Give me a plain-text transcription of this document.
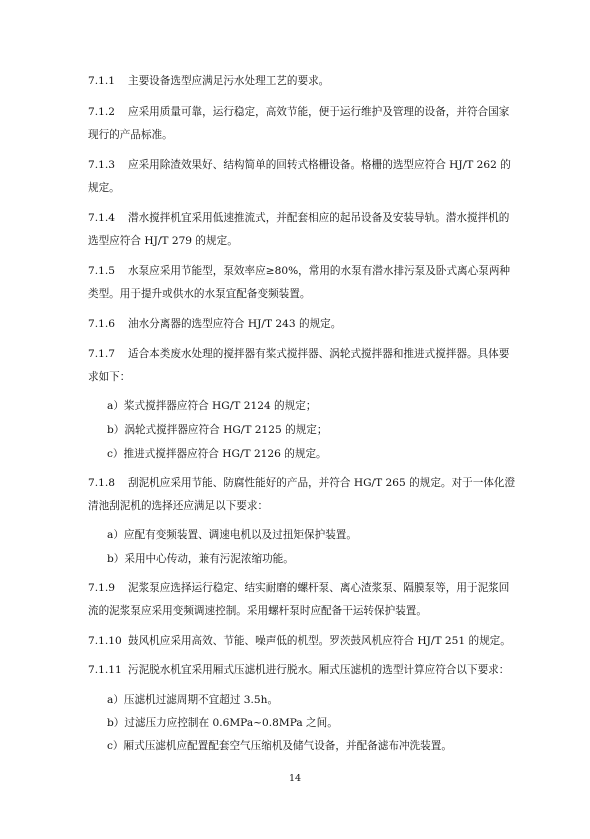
7.1.1 主要设备选型应满足污水处理工艺的要求。
7.1.2 应采用质量可靠，运行稳定，高效节能，便于运行维护及管理的设备，并符合国家
现行的产品标准。
7.1.3 应采用除渣效果好、结构简单的回转式格栅设备。格栅的选型应符合 HJ/T 262 的
规定。
7.1.4 潜水搅拌机宜采用低速推流式，并配套相应的起吊设备及安装导轨。潜水搅拌机的
选型应符合 HJ/T 279 的规定。
7.1.5 水泵应采用节能型，泵效率应≥80%，常用的水泵有潜水排污泵及卧式离心泵两种
类型。用于提升或供水的水泵宜配备变频装置。
7.1.6 油水分离器的选型应符合 HJ/T 243 的规定。
7.1.7 适合本类废水处理的搅拌器有桨式搅拌器、涡轮式搅拌器和推进式搅拌器。具体要
求如下：
a）桨式搅拌器应符合 HG/T 2124 的规定；
b）涡轮式搅拌器应符合 HG/T 2125 的规定；
c）推进式搅拌器应符合 HG/T 2126 的规定。
7.1.8 刮泥机应采用节能、防腐性能好的产品，并符合 HG/T 265 的规定。对于一体化澄
清池刮泥机的选择还应满足以下要求：
a）应配有变频装置、调速电机以及过扭矩保护装置。
b）采用中心传动，兼有污泥浓缩功能。
7.1.9 泥浆泵应选择运行稳定、结实耐磨的螺杆泵、离心渣浆泵、隔膜泵等，用于泥浆回
流的泥浆泵应采用变频调速控制。采用螺杆泵时应配备干运转保护装置。
7.1.10 鼓风机应采用高效、节能、噪声低的机型。罗茨鼓风机应符合 HJ/T 251 的规定。
7.1.11 污泥脱水机宜采用厢式压滤机进行脱水。厢式压滤机的选型计算应符合以下要求：
a）压滤机过滤周期不宜超过 3.5h。
b）过滤压力应控制在 0.6MPa~0.8MPa 之间。
c）厢式压滤机应配置配套空气压缩机及储气设备，并配备滤布冲洗装置。
14
